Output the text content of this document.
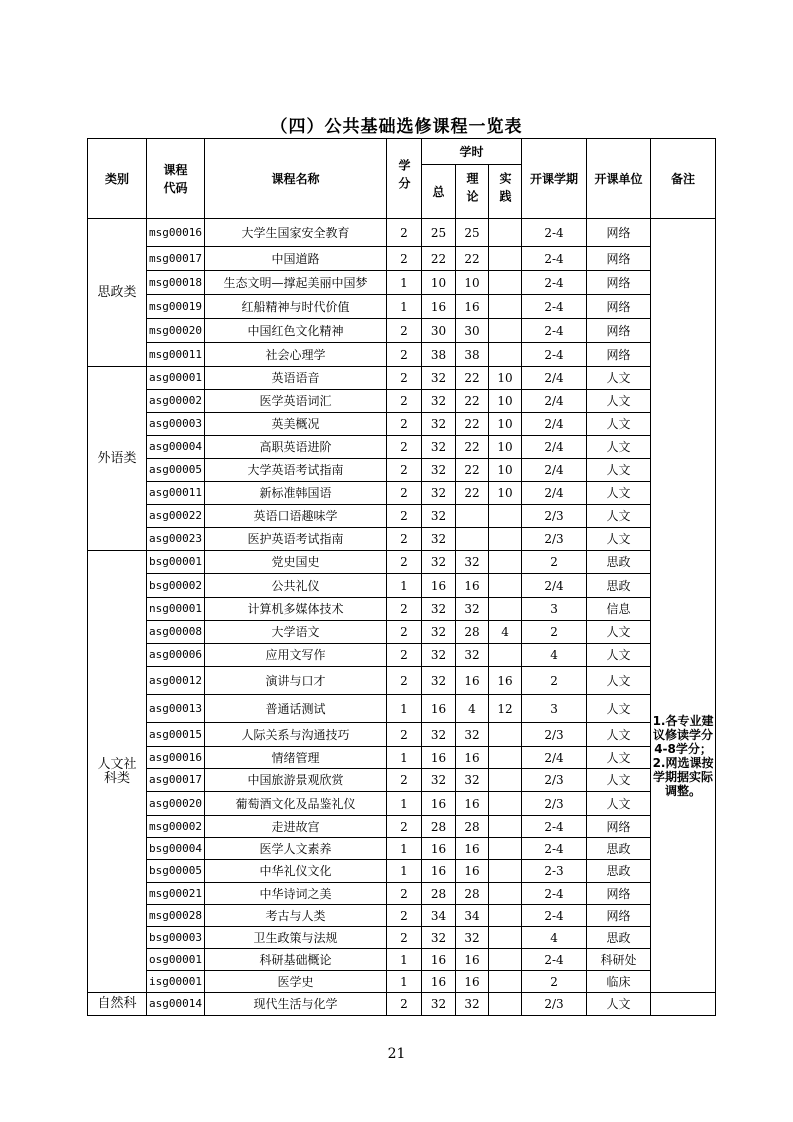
（四）公共基础选修课程一览表
类别	课程代码	课程名称	学分	学时			开课学期	开课单位	备注
				总	理论	实践			
思政类	msg00016	大学生国家安全教育	2	25	25		2-4	网络	1.各专业建议修读学分4-8学分；2.网选课按学期据实际调整。
	msg00017	中国道路	2	22	22		2-4	网络	
	msg00018	生态文明—撑起美丽中国梦	1	10	10		2-4	网络	
	msg00019	红船精神与时代价值	1	16	16		2-4	网络	
	msg00020	中国红色文化精神	2	30	30		2-4	网络	
	msg00011	社会心理学	2	38	38		2-4	网络	
外语类	asg00001	英语语音	2	32	22	10	2/4	人文	
	asg00002	医学英语词汇	2	32	22	10	2/4	人文	
	asg00003	英美概况	2	32	22	10	2/4	人文	
	asg00004	高职英语进阶	2	32	22	10	2/4	人文	
	asg00005	大学英语考试指南	2	32	22	10	2/4	人文	
	asg00011	新标准韩国语	2	32	22	10	2/4	人文	
	asg00022	英语口语趣味学	2	32			2/3	人文	
	asg00023	医护英语考试指南	2	32			2/3	人文	
人文社科类	bsg00001	党史国史	2	32	32		2	思政	
	bsg00002	公共礼仪	1	16	16		2/4	思政	
	nsg00001	计算机多媒体技术	2	32	32		3	信息	
	asg00008	大学语文	2	32	28	4	2	人文	
	asg00006	应用文写作	2	32	32		4	人文	
	asg00012	演讲与口才	2	32	16	16	2	人文	
	asg00013	普通话测试	1	16	4	12	3	人文	
	asg00015	人际关系与沟通技巧	2	32	32		2/3	人文	
	asg00016	情绪管理	1	16	16		2/4	人文	
	asg00017	中国旅游景观欣赏	2	32	32		2/3	人文	
	asg00020	葡萄酒文化及品鉴礼仪	1	16	16		2/3	人文	
	msg00002	走进故宫	2	28	28		2-4	网络	
	bsg00004	医学人文素养	1	16	16		2-4	思政	
	bsg00005	中华礼仪文化	1	16	16		2-3	思政	
	msg00021	中华诗词之美	2	28	28		2-4	网络	
	msg00028	考古与人类	2	34	34		2-4	网络	
	bsg00003	卫生政策与法规	2	32	32		4	思政	
	osg00001	科研基础概论	1	16	16		2-4	科研处	
	isg00001	医学史	1	16	16		2	临床	
自然科	asg00014	现代生活与化学	2	32	32		2/3	人文	
21
